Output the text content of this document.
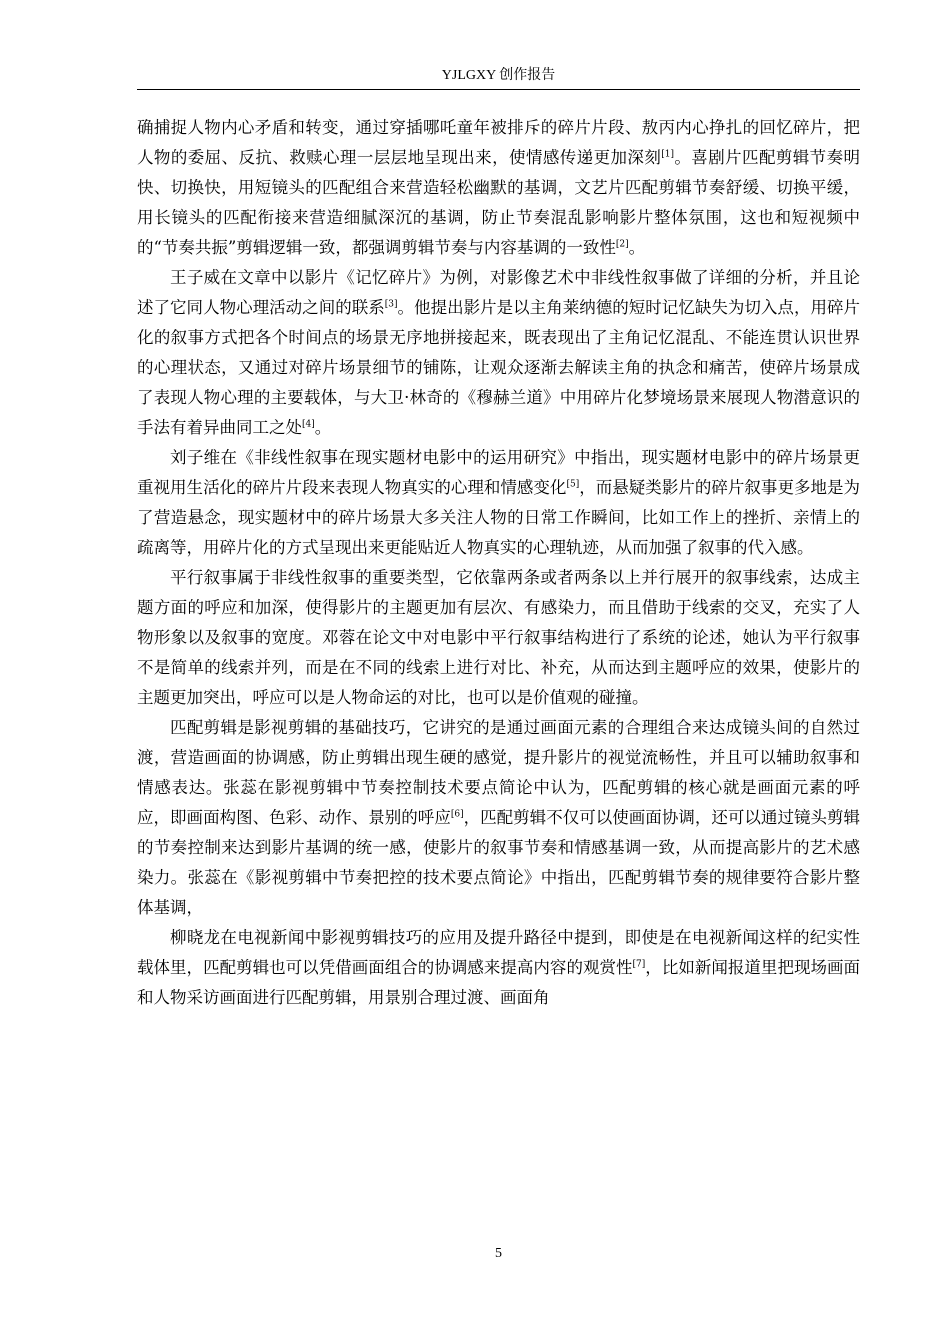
YJLGXY 创作报告

确捕捉人物内心矛盾和转变，通过穿插哪吒童年被排斥的碎片片段、敖丙内心挣扎的回忆碎片，把人物的委屈、反抗、救赎心理一层层地呈现出来，使情感传递更加深刻[1]。喜剧片匹配剪辑节奏明快、切换快，用短镜头的匹配组合来营造轻松幽默的基调，文艺片匹配剪辑节奏舒缓、切换平缓，用长镜头的匹配衔接来营造细腻深沉的基调，防止节奏混乱影响影片整体氛围，这也和短视频中的“节奏共振”剪辑逻辑一致，都强调剪辑节奏与内容基调的一致性[2]。

王子威在文章中以影片《记忆碎片》为例，对影像艺术中非线性叙事做了详细的分析，并且论述了它同人物心理活动之间的联系[3]。他提出影片是以主角莱纳德的短时记忆缺失为切入点，用碎片化的叙事方式把各个时间点的场景无序地拼接起来，既表现出了主角记忆混乱、不能连贯认识世界的心理状态，又通过对碎片场景细节的铺陈，让观众逐渐去解读主角的执念和痛苦，使碎片场景成了表现人物心理的主要载体，与大卫·林奇的《穆赫兰道》中用碎片化梦境场景来展现人物潜意识的手法有着异曲同工之处[4]。

刘子维在《非线性叙事在现实题材电影中的运用研究》中指出，现实题材电影中的碎片场景更重视用生活化的碎片片段来表现人物真实的心理和情感变化[5]，而悬疑类影片的碎片叙事更多地是为了营造悬念，现实题材中的碎片场景大多关注人物的日常工作瞬间，比如工作上的挫折、亲情上的疏离等，用碎片化的方式呈现出来更能贴近人物真实的心理轨迹，从而加强了叙事的代入感。

平行叙事属于非线性叙事的重要类型，它依靠两条或者两条以上并行展开的叙事线索，达成主题方面的呼应和加深，使得影片的主题更加有层次、有感染力，而且借助于线索的交叉，充实了人物形象以及叙事的宽度。邓蓉在论文中对电影中平行叙事结构进行了系统的论述，她认为平行叙事不是简单的线索并列，而是在不同的线索上进行对比、补充，从而达到主题呼应的效果，使影片的主题更加突出，呼应可以是人物命运的对比，也可以是价值观的碰撞。

匹配剪辑是影视剪辑的基础技巧，它讲究的是通过画面元素的合理组合来达成镜头间的自然过渡，营造画面的协调感，防止剪辑出现生硬的感觉，提升影片的视觉流畅性，并且可以辅助叙事和情感表达。张蕊在影视剪辑中节奏控制技术要点简论中认为，匹配剪辑的核心就是画面元素的呼应，即画面构图、色彩、动作、景别的呼应[6]，匹配剪辑不仅可以使画面协调，还可以通过镜头剪辑的节奏控制来达到影片基调的统一感，使影片的叙事节奏和情感基调一致，从而提高影片的艺术感染力。张蕊在《影视剪辑中节奏把控的技术要点简论》中指出，匹配剪辑节奏的规律要符合影片整体基调，

柳晓龙在电视新闻中影视剪辑技巧的应用及提升路径中提到，即使是在电视新闻这样的纪实性载体里，匹配剪辑也可以凭借画面组合的协调感来提高内容的观赏性[7]，比如新闻报道里把现场画面和人物采访画面进行匹配剪辑，用景别合理过渡、画面角

5
